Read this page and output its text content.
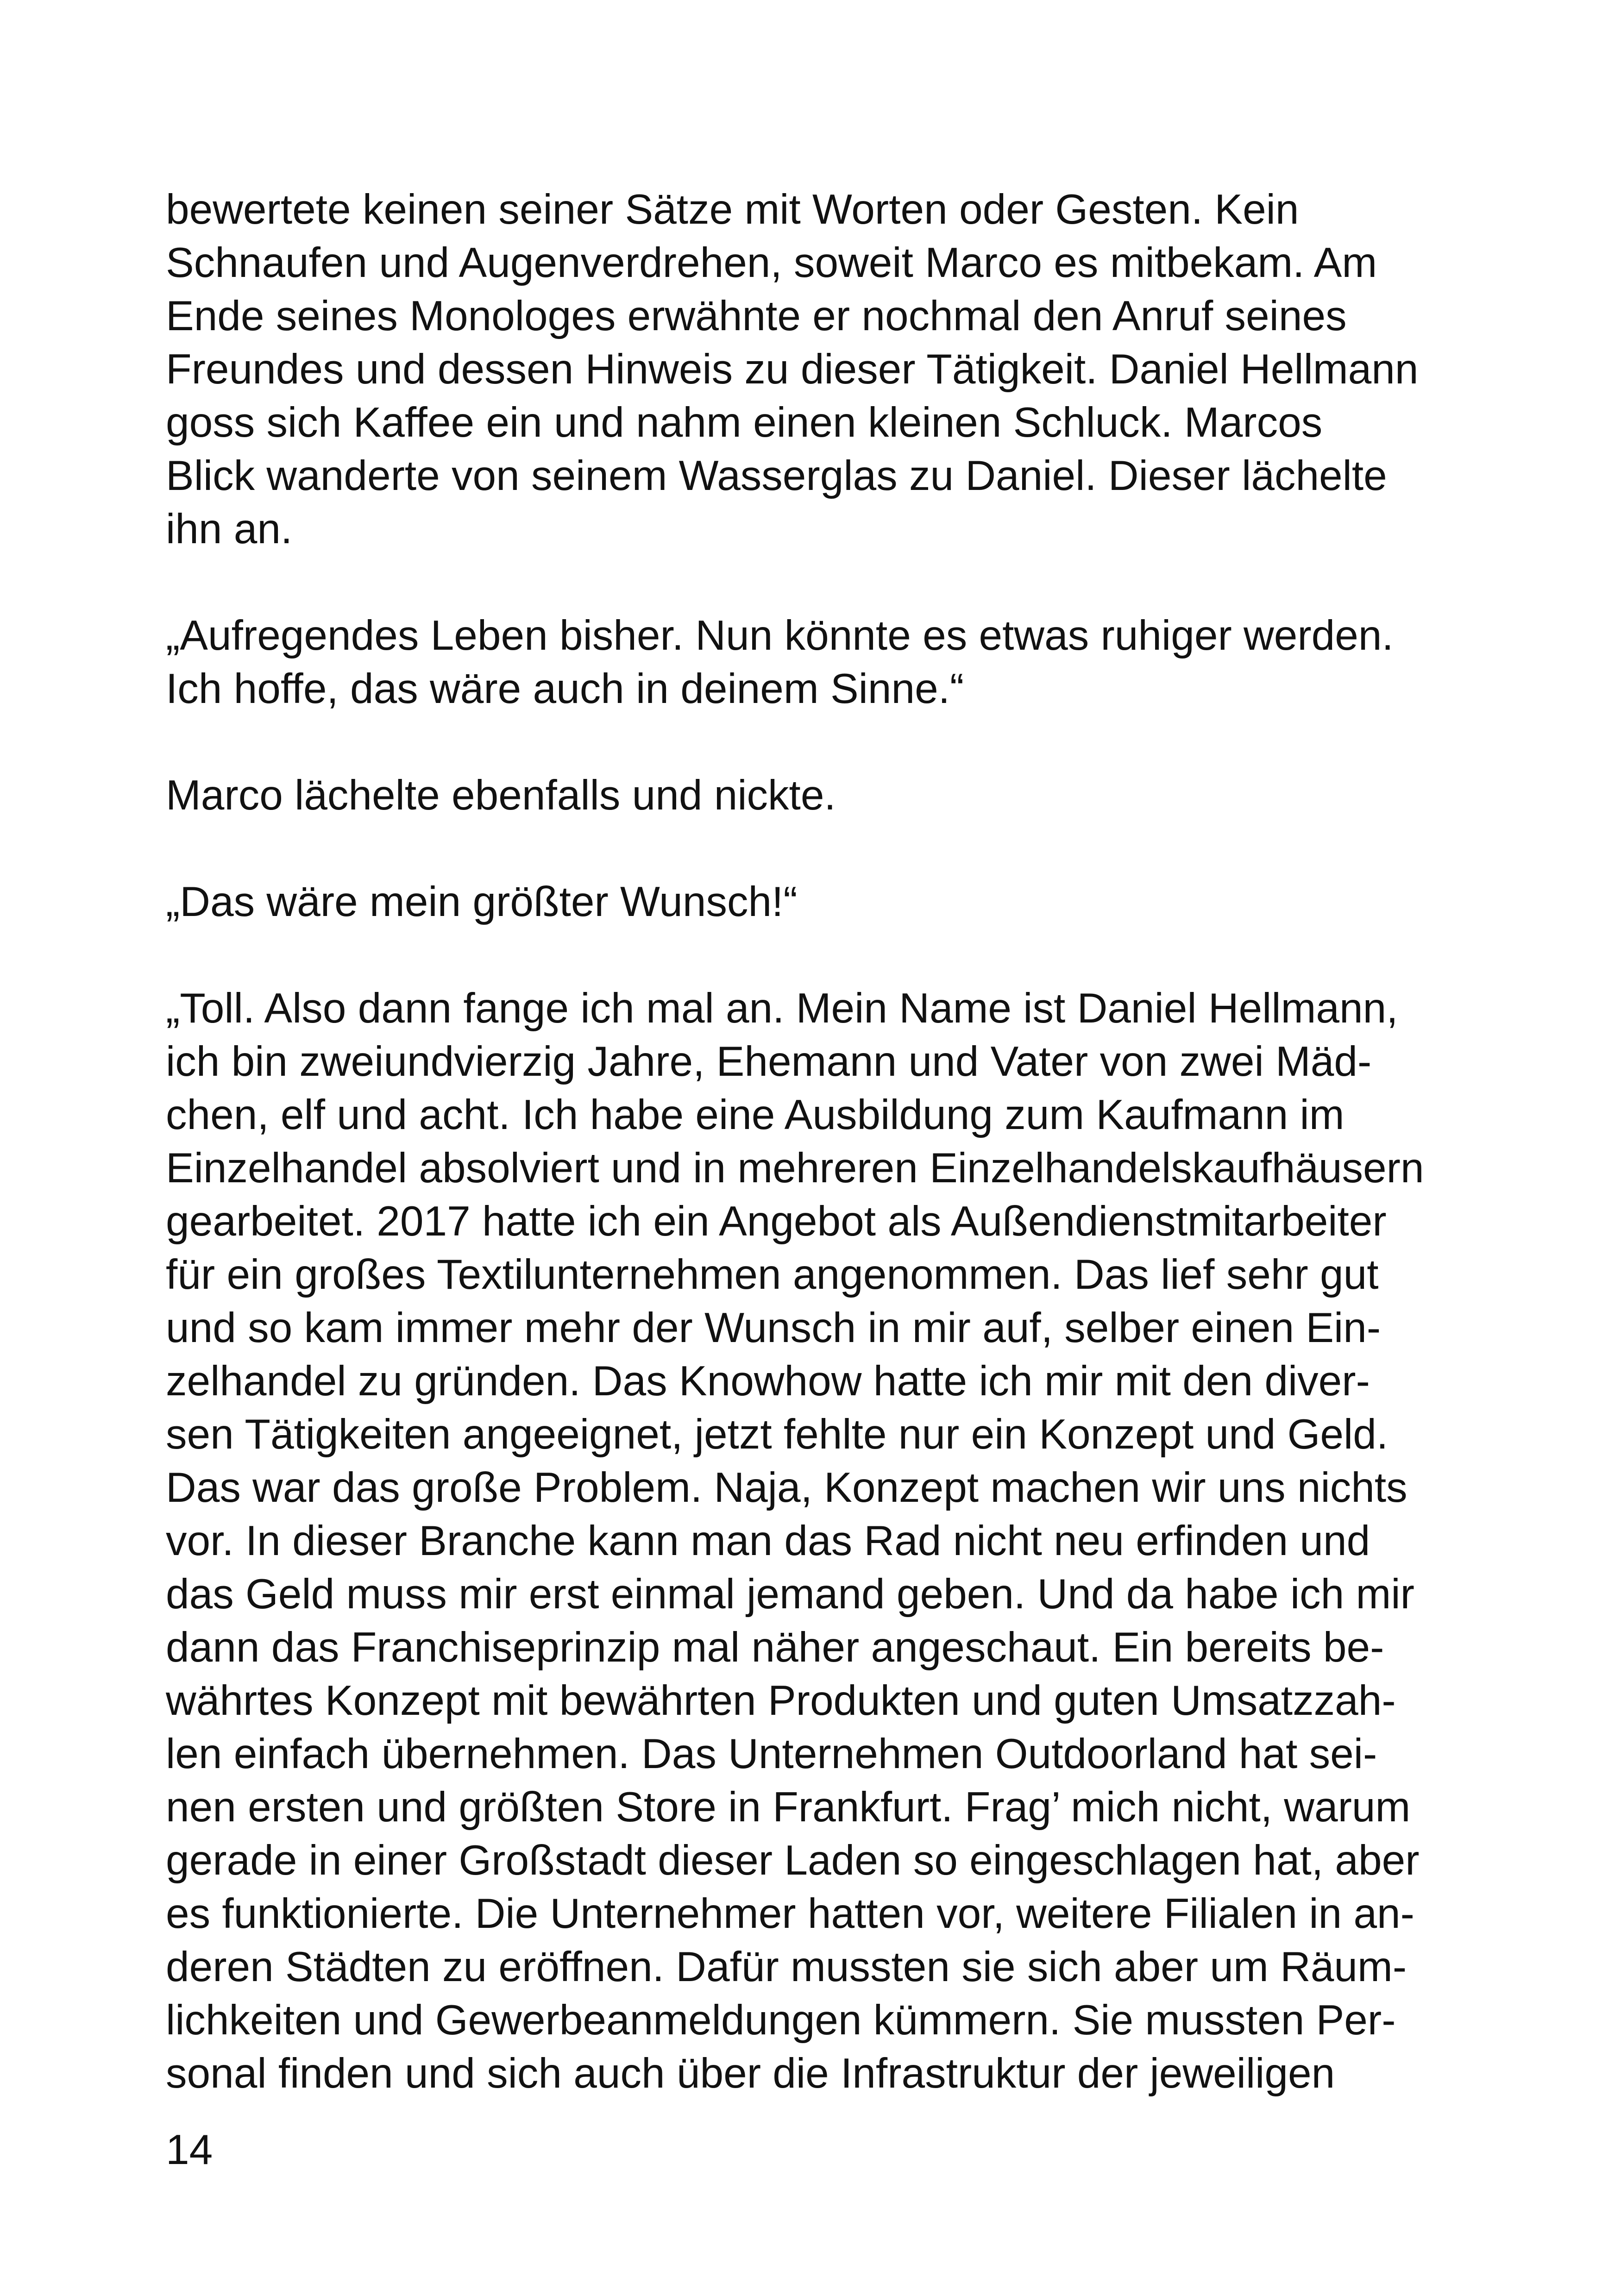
bewertete keinen seiner Sätze mit Worten oder Gesten. Kein
Schnaufen und Augenverdrehen, soweit Marco es mitbekam. Am
Ende seines Monologes erwähnte er nochmal den Anruf seines
Freundes und dessen Hinweis zu dieser Tätigkeit. Daniel Hellmann
goss sich Kaffee ein und nahm einen kleinen Schluck. Marcos
Blick wanderte von seinem Wasserglas zu Daniel. Dieser lächelte
ihn an.

„Aufregendes Leben bisher. Nun könnte es etwas ruhiger werden.
Ich hoffe, das wäre auch in deinem Sinne.“

Marco lächelte ebenfalls und nickte.

„Das wäre mein größter Wunsch!“

„Toll. Also dann fange ich mal an. Mein Name ist Daniel Hellmann,
ich bin zweiundvierzig Jahre, Ehemann und Vater von zwei Mäd-
chen, elf und acht. Ich habe eine Ausbildung zum Kaufmann im
Einzelhandel absolviert und in mehreren Einzelhandelskaufhäusern
gearbeitet. 2017 hatte ich ein Angebot als Außendienstmitarbeiter
für ein großes Textilunternehmen angenommen. Das lief sehr gut
und so kam immer mehr der Wunsch in mir auf, selber einen Ein-
zelhandel zu gründen. Das Knowhow hatte ich mir mit den diver-
sen Tätigkeiten angeeignet, jetzt fehlte nur ein Konzept und Geld.
Das war das große Problem. Naja, Konzept machen wir uns nichts
vor. In dieser Branche kann man das Rad nicht neu erfinden und
das Geld muss mir erst einmal jemand geben. Und da habe ich mir
dann das Franchiseprinzip mal näher angeschaut. Ein bereits be-
währtes Konzept mit bewährten Produkten und guten Umsatzzah-
len einfach übernehmen. Das Unternehmen Outdoorland hat sei-
nen ersten und größten Store in Frankfurt. Frag’ mich nicht, warum
gerade in einer Großstadt dieser Laden so eingeschlagen hat, aber
es funktionierte. Die Unternehmer hatten vor, weitere Filialen in an-
deren Städten zu eröffnen. Dafür mussten sie sich aber um Räum-
lichkeiten und Gewerbeanmeldungen kümmern. Sie mussten Per-
sonal finden und sich auch über die Infrastruktur der jeweiligen

14
